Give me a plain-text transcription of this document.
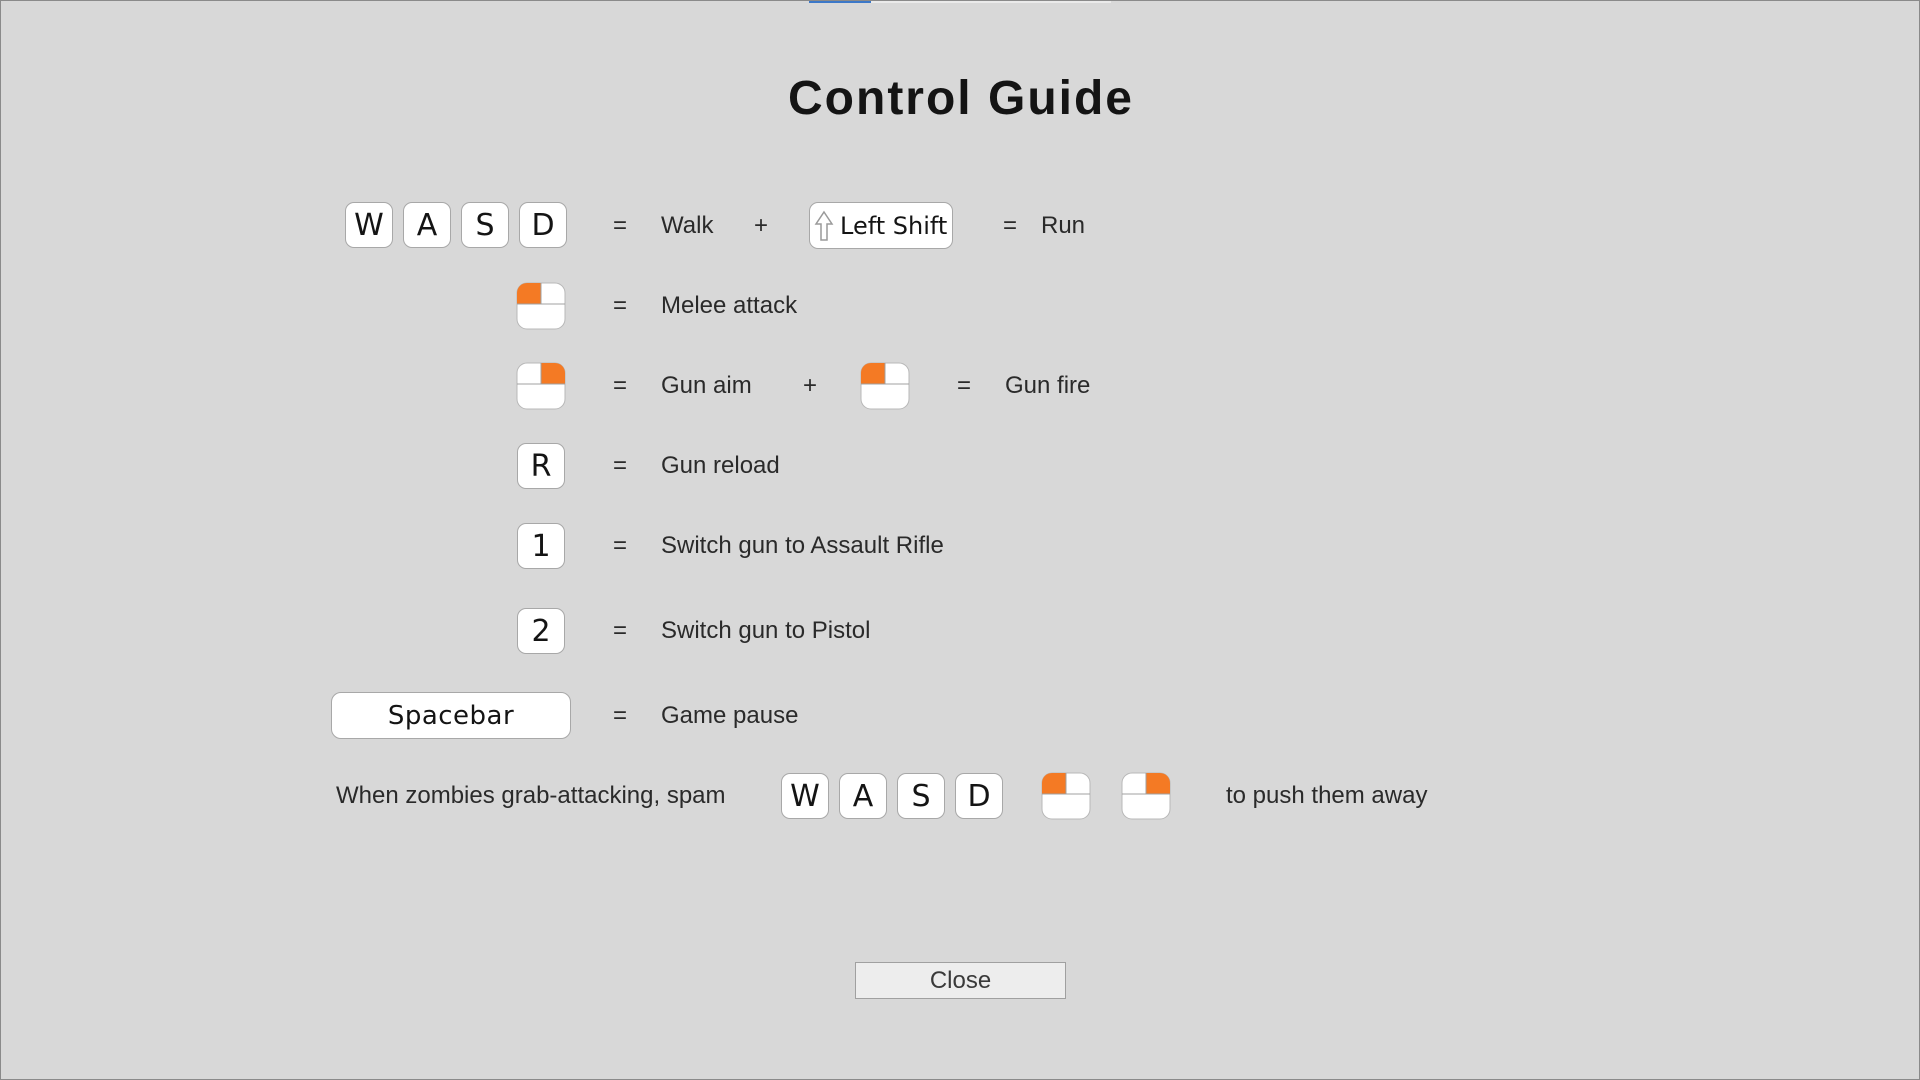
Control Guide
W	A	S	D	= Walk +	Left Shift = Run
= Melee attack
= Gun aim +	= Gun fire
R	= Gun reload
1	= Switch gun to Assault Rifle
2	= Switch gun to Pistol
Spacebar	= Game pause
When zombies grab-attacking, spam	W	A	S	D	to push them away
Close
